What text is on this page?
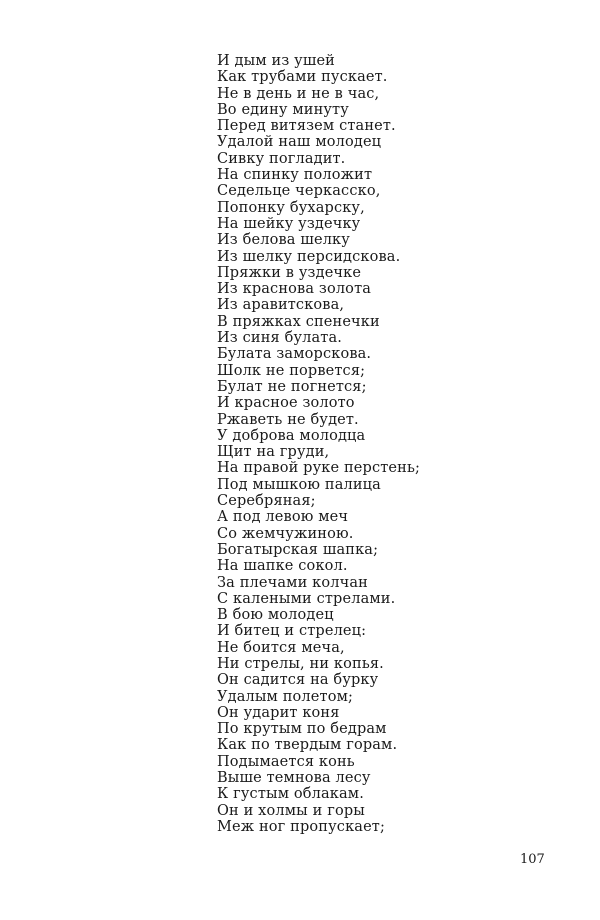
И дым из ушей
Как трубами пускает.
Не в день и не в час,
Во едину минуту
Перед витязем станет.
Удалой наш молодец
Сивку погладит.
На спинку положит
Седельце черкасско,
Попонку бухарску,
На шейку уздечку
Из белова шелку
Из шелку персидскова.
Пряжки в уздечке
Из краснова золота
Из аравитскова,
В пряжках спенечки
Из синя булата.
Булата заморскова.
Шолк не порвется;
Булат не погнется;
И красное золото
Ржаветь не будет.
У доброва молодца
Щит на груди,
На правой руке перстень;
Под мышкою палица
Серебряная;
А под левою меч
Со жемчужиною.
Богатырская шапка;
На шапке сокол.
За плечами колчан
С калеными стрелами.
В бою молодец
И битец и стрелец:
Не боится меча,
Ни стрелы, ни копья.
Он садится на бурку
Удалым полетом;
Он ударит коня
По крутым по бедрам
Как по твердым горам.
Подымается конь
Выше темнова лесу
К густым облакам.
Он и холмы и горы
Меж ног пропускает;
107
